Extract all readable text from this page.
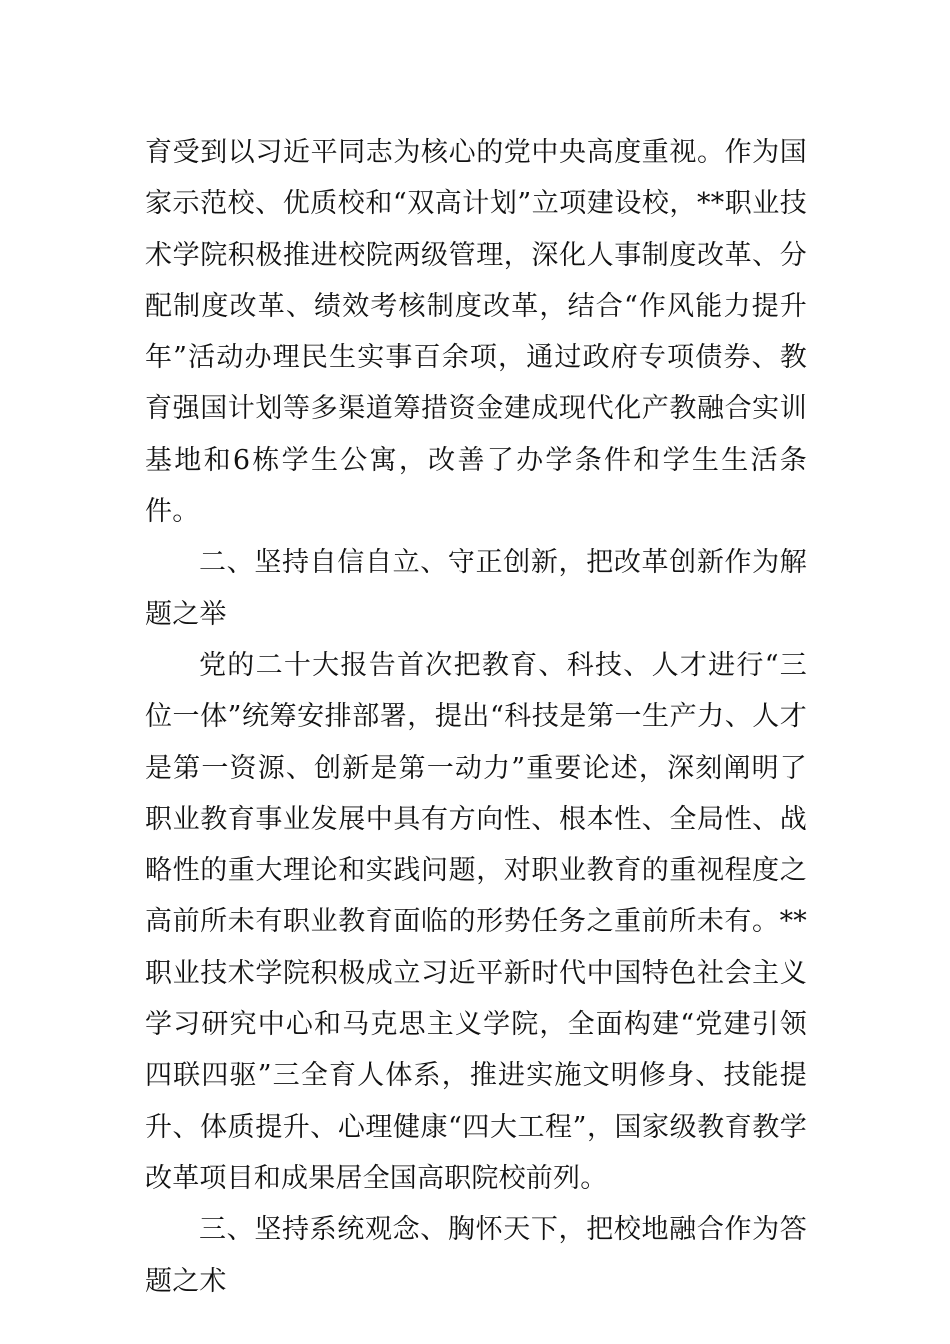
育受到以习近平同志为核心的党中央高度重视。作为国家示范校、优质校和“双高计划”立项建设校，**职业技术学院积极推进校院两级管理，深化人事制度改革、分配制度改革、绩效考核制度改革，结合“作风能力提升年”活动办理民生实事百余项，通过政府专项债券、教育强国计划等多渠道筹措资金建成现代化产教融合实训基地和6栋学生公寓，改善了办学条件和学生生活条件。

二、坚持自信自立、守正创新，把改革创新作为解题之举

党的二十大报告首次把教育、科技、人才进行“三位一体”统筹安排部署，提出“科技是第一生产力、人才是第一资源、创新是第一动力”重要论述，深刻阐明了职业教育事业发展中具有方向性、根本性、全局性、战略性的重大理论和实践问题，对职业教育的重视程度之高前所未有职业教育面临的形势任务之重前所未有。**职业技术学院积极成立习近平新时代中国特色社会主义学习研究中心和马克思主义学院，全面构建“党建引领四联四驱”三全育人体系，推进实施文明修身、技能提升、体质提升、心理健康“四大工程”，国家级教育教学改革项目和成果居全国高职院校前列。

三、坚持系统观念、胸怀天下，把校地融合作为答题之术
